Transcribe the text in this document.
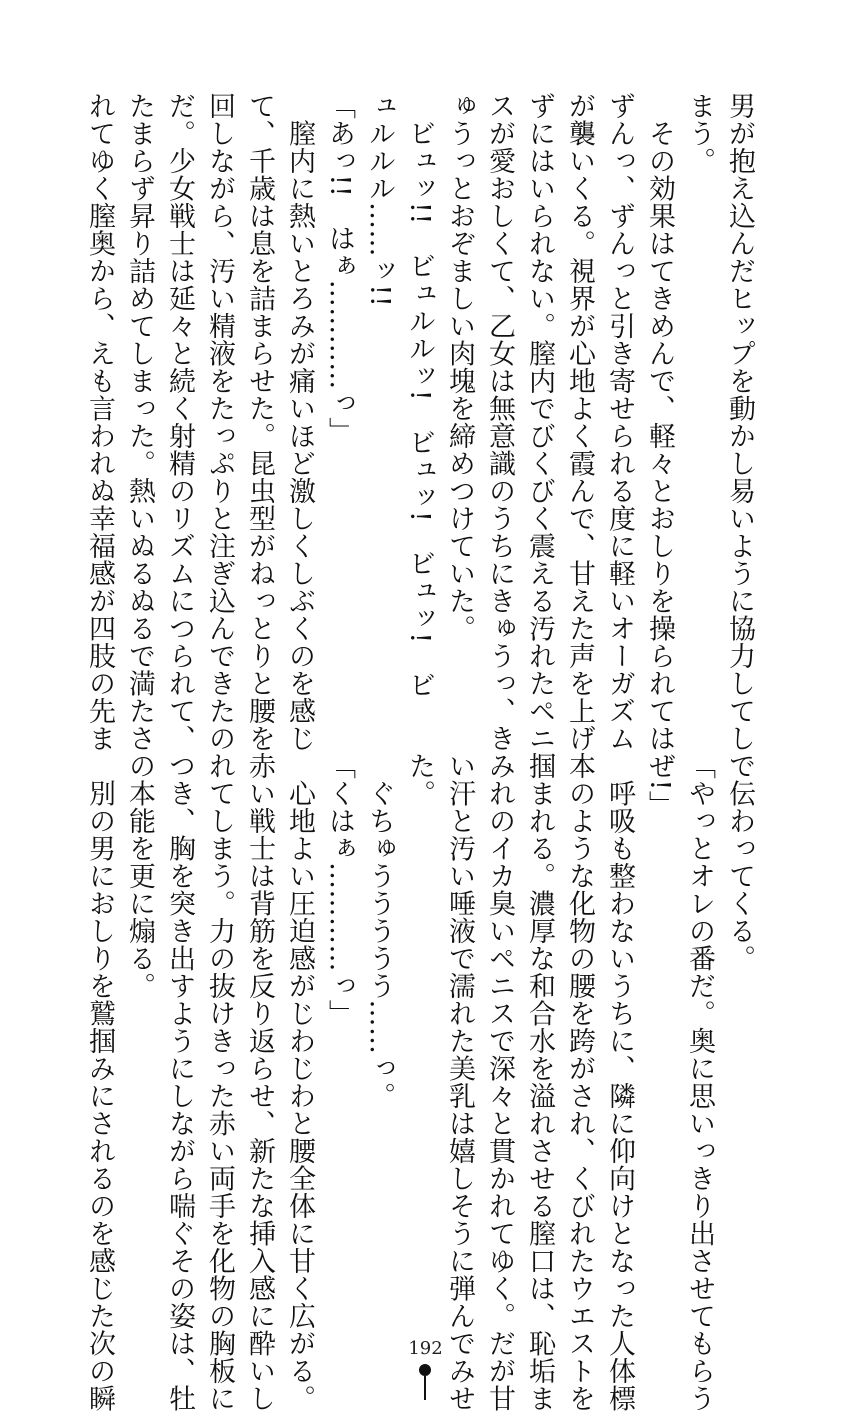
男が抱え込んだヒップを動かし易いように協力してし
まう。
　その効果はてきめんで、軽々とおしりを操られては
ずんっ、ずんっと引き寄せられる度に軽いオーガズム
が襲いくる。視界が心地よく霞んで、甘えた声を上げ
ずにはいられない。膣内でびくびく震える汚れたペニ
スが愛おしくて、乙女は無意識のうちにきゅうっ、き
ゅうっとおぞましい肉塊を締めつけていた。
　ビュッ!!　ビュルルッ!　ビュッ!　ビュッ!　ビ
ュルルル……ッ!!
「あっ!!　はぁ…………っ」
　膣内に熱いとろみが痛いほど激しくしぶくのを感じ
て、千歳は息を詰まらせた。昆虫型がねっとりと腰を
回しながら、汚い精液をたっぷりと注ぎ込んできたの
だ。少女戦士は延々と続く射精のリズムにつられて、
たまらず昇り詰めてしまった。熱いぬるぬるで満たさ
れてゆく膣奥から、えも言われぬ幸福感が四肢の先ま
で伝わってくる。
「やっとオレの番だ。奥に思いっきり出させてもらう
ぜ!」
　呼吸も整わないうちに、隣に仰向けとなった人体標
本のような化物の腰を跨がされ、くびれたウエストを
掴まれる。濃厚な和合水を溢れさせる膣口は、恥垢ま
みれのイカ臭いペニスで深々と貫かれてゆく。だが甘
い汗と汚い唾液で濡れた美乳は嬉しそうに弾んでみせ
た。
　ぐちゅううううう……っ。
「くはぁ…………っ」
　心地よい圧迫感がじわじわと腰全体に甘く広がる。
赤い戦士は背筋を反り返らせ、新たな挿入感に酔いし
れてしまう。力の抜けきった赤い両手を化物の胸板に
つき、胸を突き出すようにしながら喘ぐその姿は、牡
の本能を更に煽る。
　別の男におしりを鷲掴みにされるのを感じた次の瞬	192
